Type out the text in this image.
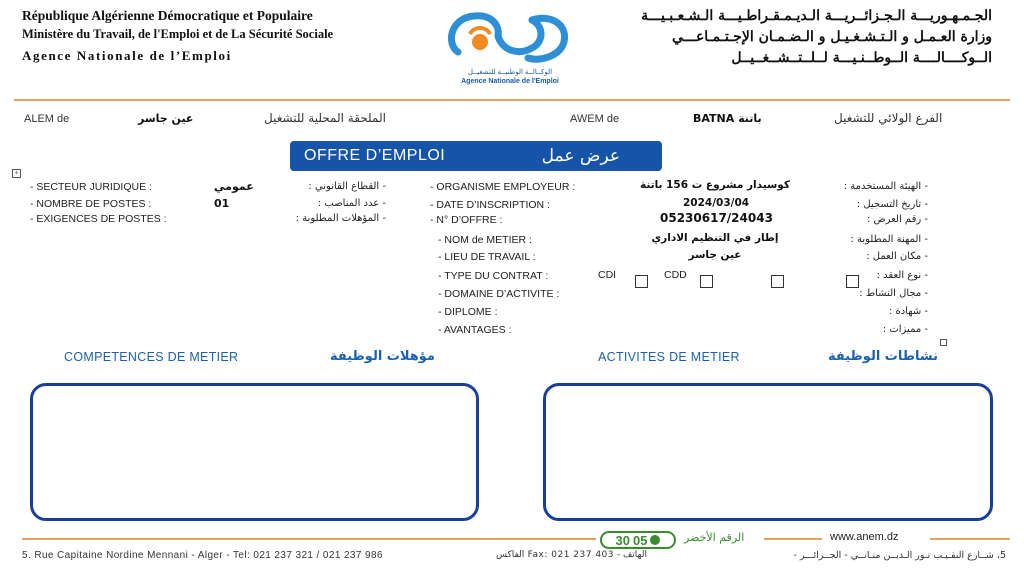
République Algérienne Démocratique et Populaire
Ministère du Travail, de l'Emploi et de La Sécurité Sociale
Agence Nationale de l’Emploi
الوكــالــة الوطنيــة للتشغيــل
Agence Nationale de l'Emploi
الجـمـهـوريـــة الـجـزائــريـــة الـديـمـقـراطـيـــة الـشـعـبـيـــة
وزارة العـمـل و الـتـشـغـيـل و الـضـمـان الإجـتـمـاعـــي
الــوكــــالــــة الــوطــنـيـــة لــلــتــشــغــيــل
ALEM de	عين جاسر	الملحقة المحلية للتشغيل	AWEM de	BATNA باتنة	الفرع الولائي للتشغيل
OFFRE D’EMPLOI	عرض عمل
+
- SECTEUR JURIDIQUE :	عمومي	- القطاع القانوني :
- NOMBRE DE POSTES :	01	- عدد المناصب :
- EXIGENCES DE POSTES :	- المؤهلات المطلوبة :
- ORGANISME EMPLOYEUR :	كوسيدار مشروع ت 156 باتنة	- الهيئة المستخدمة :
- DATE D’INSCRIPTION :	2024/03/04	- تاريخ التسجيل :
- N° D’OFFRE :	05230617/24043	- رقم العرض :
- NOM de METIER :	إطار في التنظيم الاداري	- المهنة المطلوبة :
- LIEU DE TRAVAIL :	عين جاسر	- مكان العمل :
- TYPE DU CONTRAT :	CDI	CDD	- نوع العقد :
- DOMAINE D’ACTIVITE :	- مجال النشاط :
- DIPLOME :	- شهادة :
- AVANTAGES :	- مميزات :
COMPETENCES DE METIER	مؤهلات الوظيفة	ACTIVITES DE METIER	نشاطات الوظيفة
30 05	الرقم الأخضر	www.anem.dz
5. Rue Capitaine Nordine Mennani - Alger - Tel: 021 237 321 / 021 237 986	الهاتف - Fax: 021 237 403 الفاكس	5، شــارع النقـيـب نـور الـديــن منـانــي - الجــزائـــر -
